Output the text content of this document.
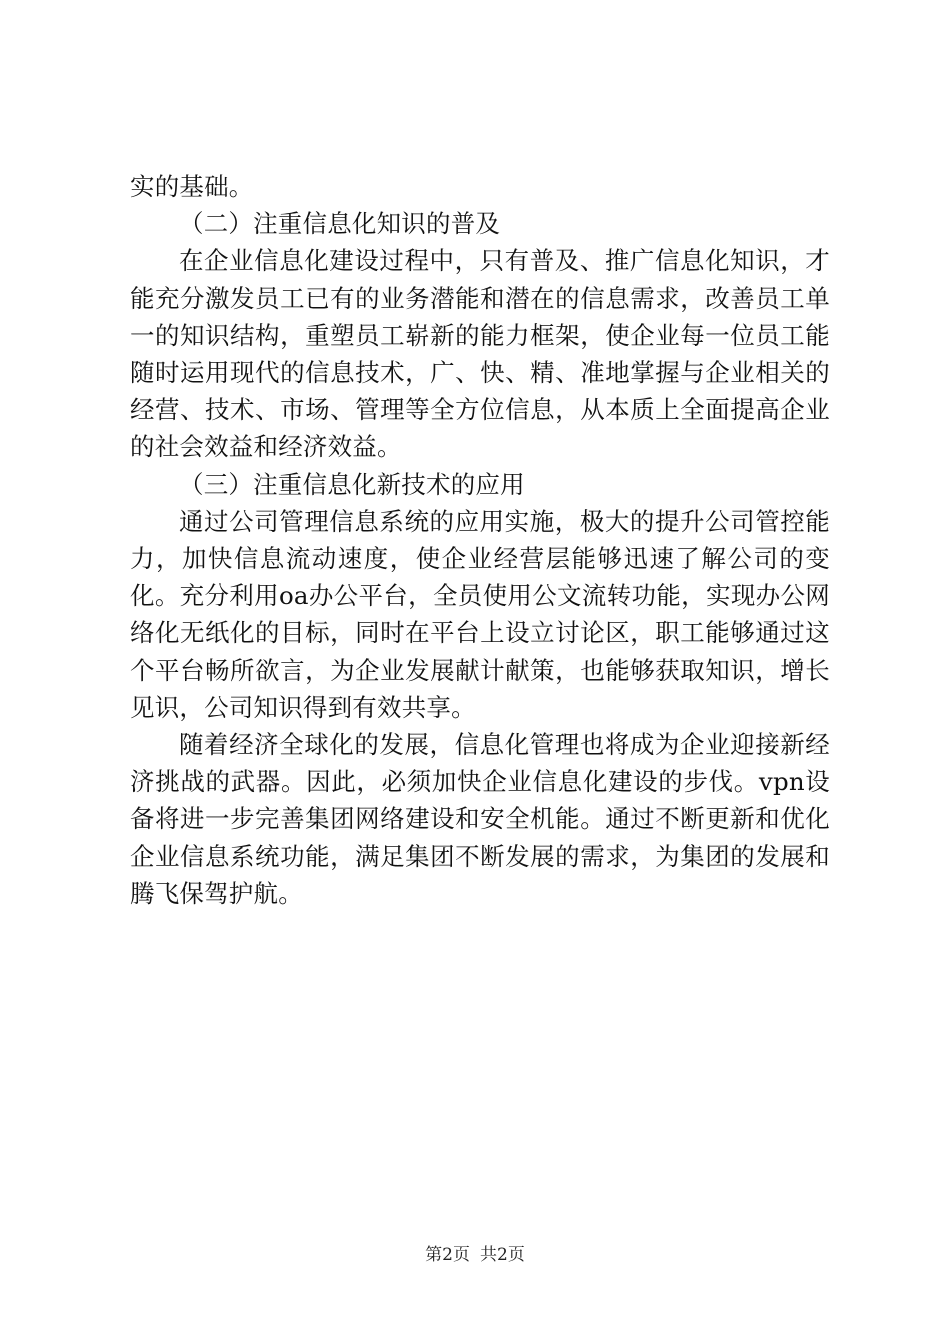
实的基础。

（二）注重信息化知识的普及

在企业信息化建设过程中，只有普及、推广信息化知识，才能充分激发员工已有的业务潜能和潜在的信息需求，改善员工单一的知识结构，重塑员工崭新的能力框架，使企业每一位员工能随时运用现代的信息技术，广、快、精、准地掌握与企业相关的经营、技术、市场、管理等全方位信息，从本质上全面提高企业的社会效益和经济效益。

（三）注重信息化新技术的应用

通过公司管理信息系统的应用实施，极大的提升公司管控能力，加快信息流动速度，使企业经营层能够迅速了解公司的变化。充分利用oa办公平台，全员使用公文流转功能，实现办公网络化无纸化的目标，同时在平台上设立讨论区，职工能够通过这个平台畅所欲言，为企业发展献计献策，也能够获取知识，增长见识，公司知识得到有效共享。

随着经济全球化的发展，信息化管理也将成为企业迎接新经济挑战的武器。因此，必须加快企业信息化建设的步伐。vpn设备将进一步完善集团网络建设和安全机能。通过不断更新和优化企业信息系统功能，满足集团不断发展的需求，为集团的发展和腾飞保驾护航。

第2页 共2页
